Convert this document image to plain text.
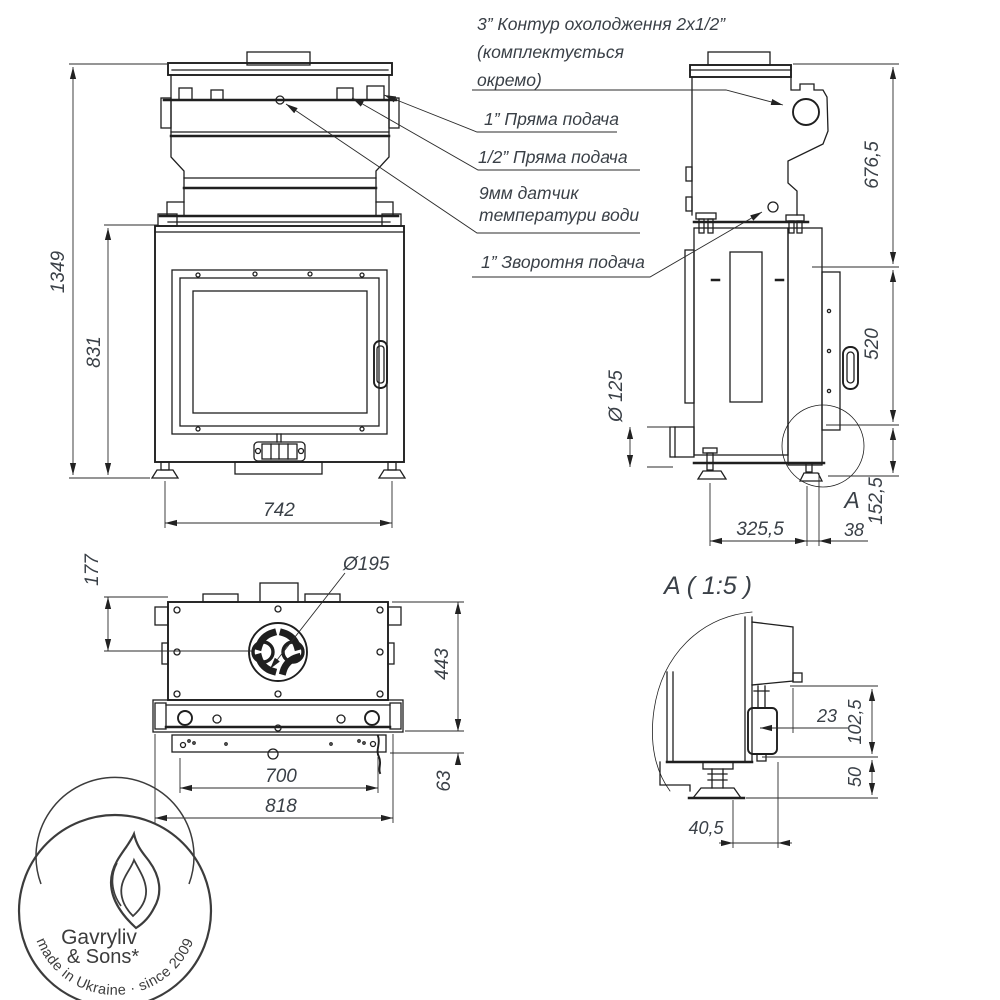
3” Контур охолодження 2х1/2”
(комплектується
окремо)
1” Пряма подача
1/2” Пряма подача
9мм датчик
температури води
1” Зворотня подача
1349
831
742
676,5
520
152,5
325,5	38
Ø 125
A
177	Ø195
443
63
700
818
A ( 1:5 )
23 102,5
50
40,5
Gavryliv
& Sons*
made in Ukraine · since 2009
